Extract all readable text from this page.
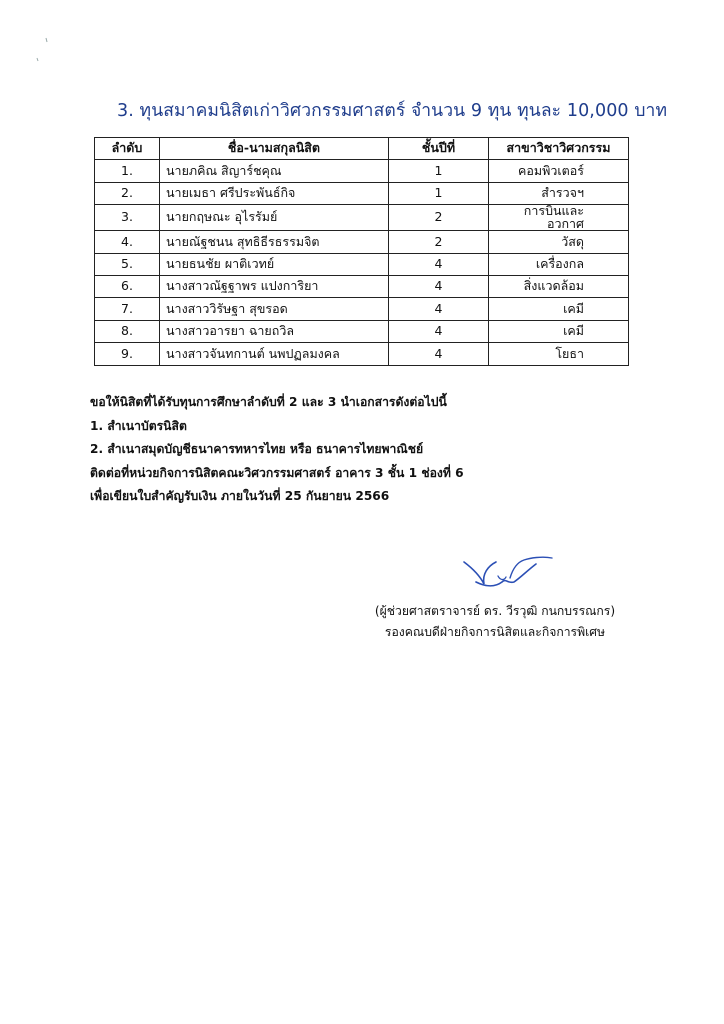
3. ทุนสมาคมนิสิตเก่าวิศวกรรมศาสตร์ จำนวน 9 ทุน ทุนละ 10,000 บาท
ลำดับ	ชื่อ-นามสกุลนิสิต	ชั้นปีที่	สาขาวิชาวิศวกรรม
1.	นายภคิณ สิญาร์ชคุณ	1	คอมพิวเตอร์
2.	นายเมธา ศรีประพันธ์กิจ	1	สำรวจฯ
3.	นายกฤษณะ อุไรรัมย์	2	การบินและอวกาศ
4.	นายณัฐชนน สุทธิธีรธรรมจิต	2	วัสดุ
5.	นายธนชัย ผาติเวทย์	4	เครื่องกล
6.	นางสาวณัฐฐาพร แปงการิยา	4	สิ่งแวดล้อม
7.	นางสาววิรัษฐา สุขรอด	4	เคมี
8.	นางสาวอารยา ฉายถวิล	4	เคมี
9.	นางสาวจันทกานต์ นพปฏลมงคล	4	โยธา
ขอให้นิสิตที่ได้รับทุนการศึกษาลำดับที่ 2 และ 3 นำเอกสารดังต่อไปนี้
1. สำเนาบัตรนิสิต
2. สำเนาสมุดบัญชีธนาคารทหารไทย หรือ ธนาคารไทยพาณิชย์
ติดต่อที่หน่วยกิจการนิสิตคณะวิศวกรรมศาสตร์ อาคาร 3 ชั้น 1 ช่องที่ 6
เพื่อเขียนใบสำคัญรับเงิน ภายในวันที่ 25 กันยายน 2566
(ผู้ช่วยศาสตราจารย์ ดร. วีรวุฒิ กนกบรรณกร)
รองคณบดีฝ่ายกิจการนิสิตและกิจการพิเศษ
